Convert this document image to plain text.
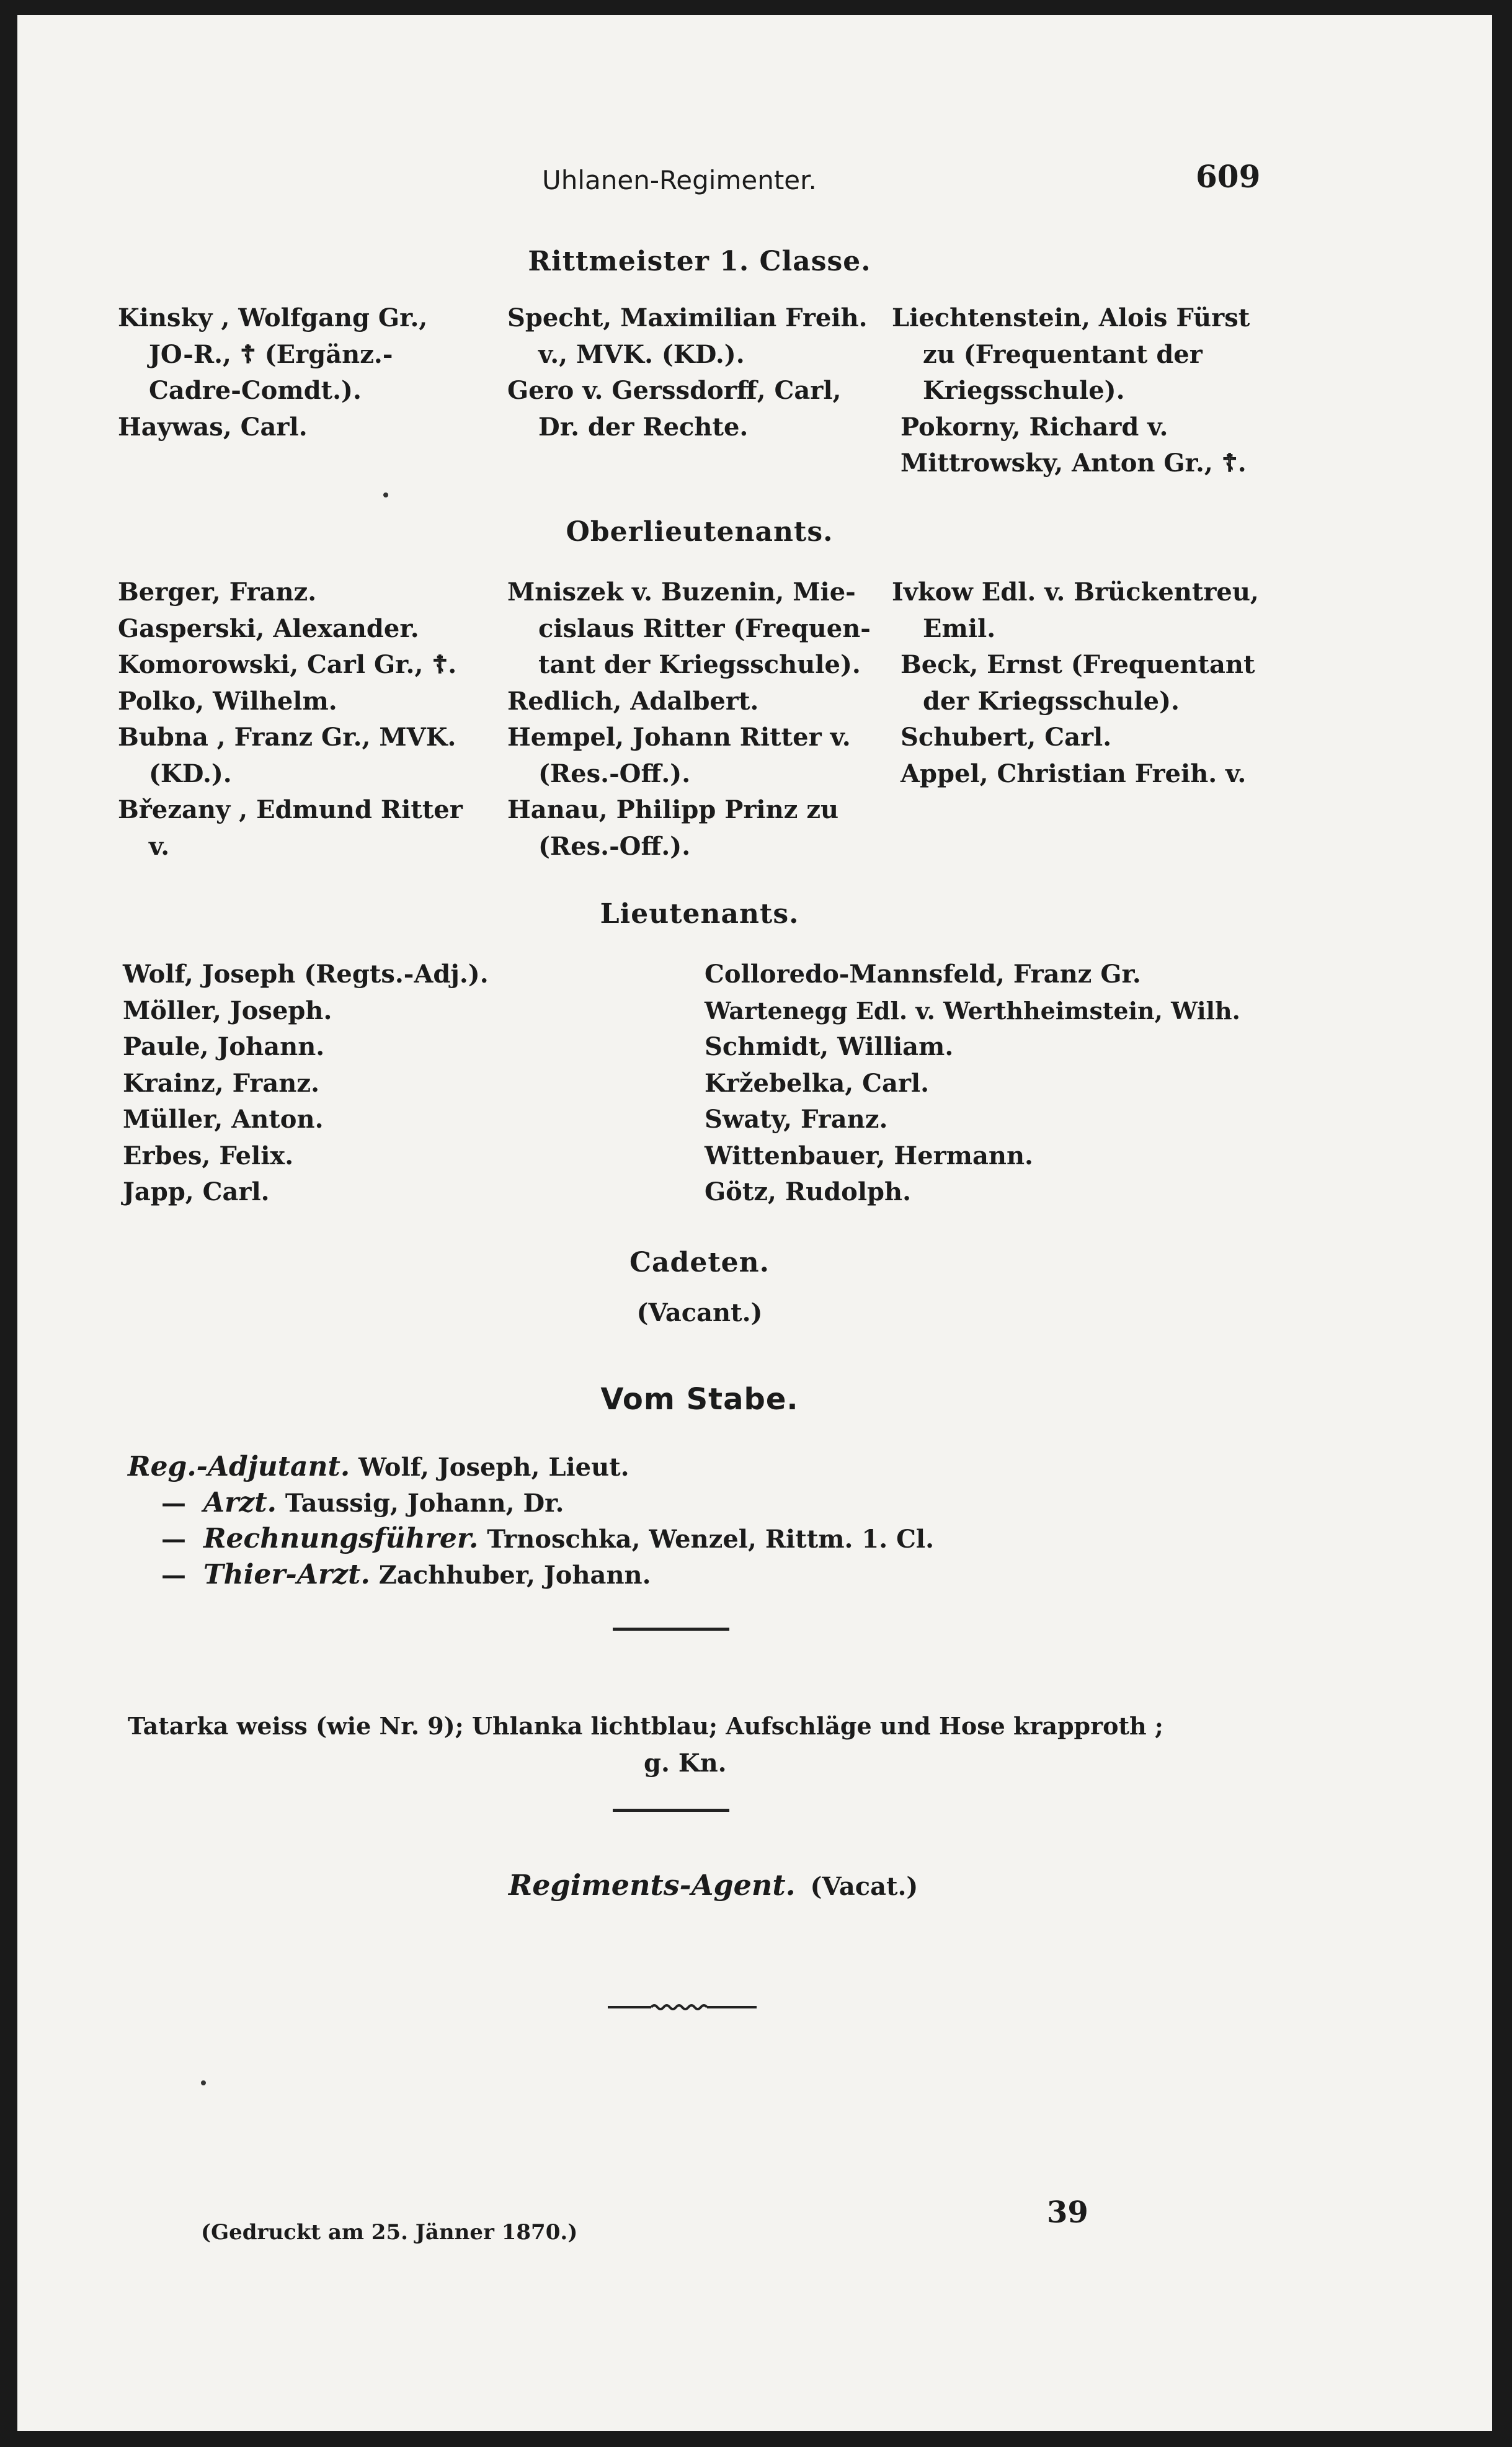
Uhlanen-Regimenter.	609
Rittmeister 1. Classe.
Kinsky , Wolfgang Gr.,
JO-R., ☦ (Ergänz.-
Cadre-Comdt.).
Haywas, Carl.
Specht, Maximilian Freih.
v., MVK. (KD.).
Gero v. Gerssdorff, Carl,
Dr. der Rechte.
Liechtenstein, Alois Fürst
zu (Frequentant der
Kriegsschule).
Pokorny, Richard v.
Mittrowsky, Anton Gr., ☦.
Oberlieutenants.
Berger, Franz.
Gasperski, Alexander.
Komorowski, Carl Gr., ☦.
Polko, Wilhelm.
Bubna , Franz Gr., MVK.
(KD.).
Březany , Edmund Ritter
v.
Mniszek v. Buzenin, Mie-
cislaus Ritter (Frequen-
tant der Kriegsschule).
Redlich, Adalbert.
Hempel, Johann Ritter v.
(Res.-Off.).
Hanau, Philipp Prinz zu
(Res.-Off.).
Ivkow Edl. v. Brückentreu,
Emil.
Beck, Ernst (Frequentant
der Kriegsschule).
Schubert, Carl.
Appel, Christian Freih. v.
Lieutenants.
Wolf, Joseph (Regts.-Adj.).
Möller, Joseph.
Paule, Johann.
Krainz, Franz.
Müller, Anton.
Erbes, Felix.
Japp, Carl.
Colloredo-Mannsfeld, Franz Gr.
Wartenegg Edl. v. Werthheimstein, Wilh.
Schmidt, William.
Kržebelka, Carl.
Swaty, Franz.
Wittenbauer, Hermann.
Götz, Rudolph.
Cadeten.
(Vacant.)
Vom Stabe.
Reg.-Adjutant. Wolf, Joseph, Lieut.
— Arzt. Taussig, Johann, Dr.
— Rechnungsführer. Trnoschka, Wenzel, Rittm. 1. Cl.
— Thier-Arzt. Zachhuber, Johann.
Tatarka weiss (wie Nr. 9); Uhlanka lichtblau; Aufschläge und Hose krapproth ;
g. Kn.
Regiments-Agent. (Vacat.)
(Gedruckt am 25. Jänner 1870.)
39
